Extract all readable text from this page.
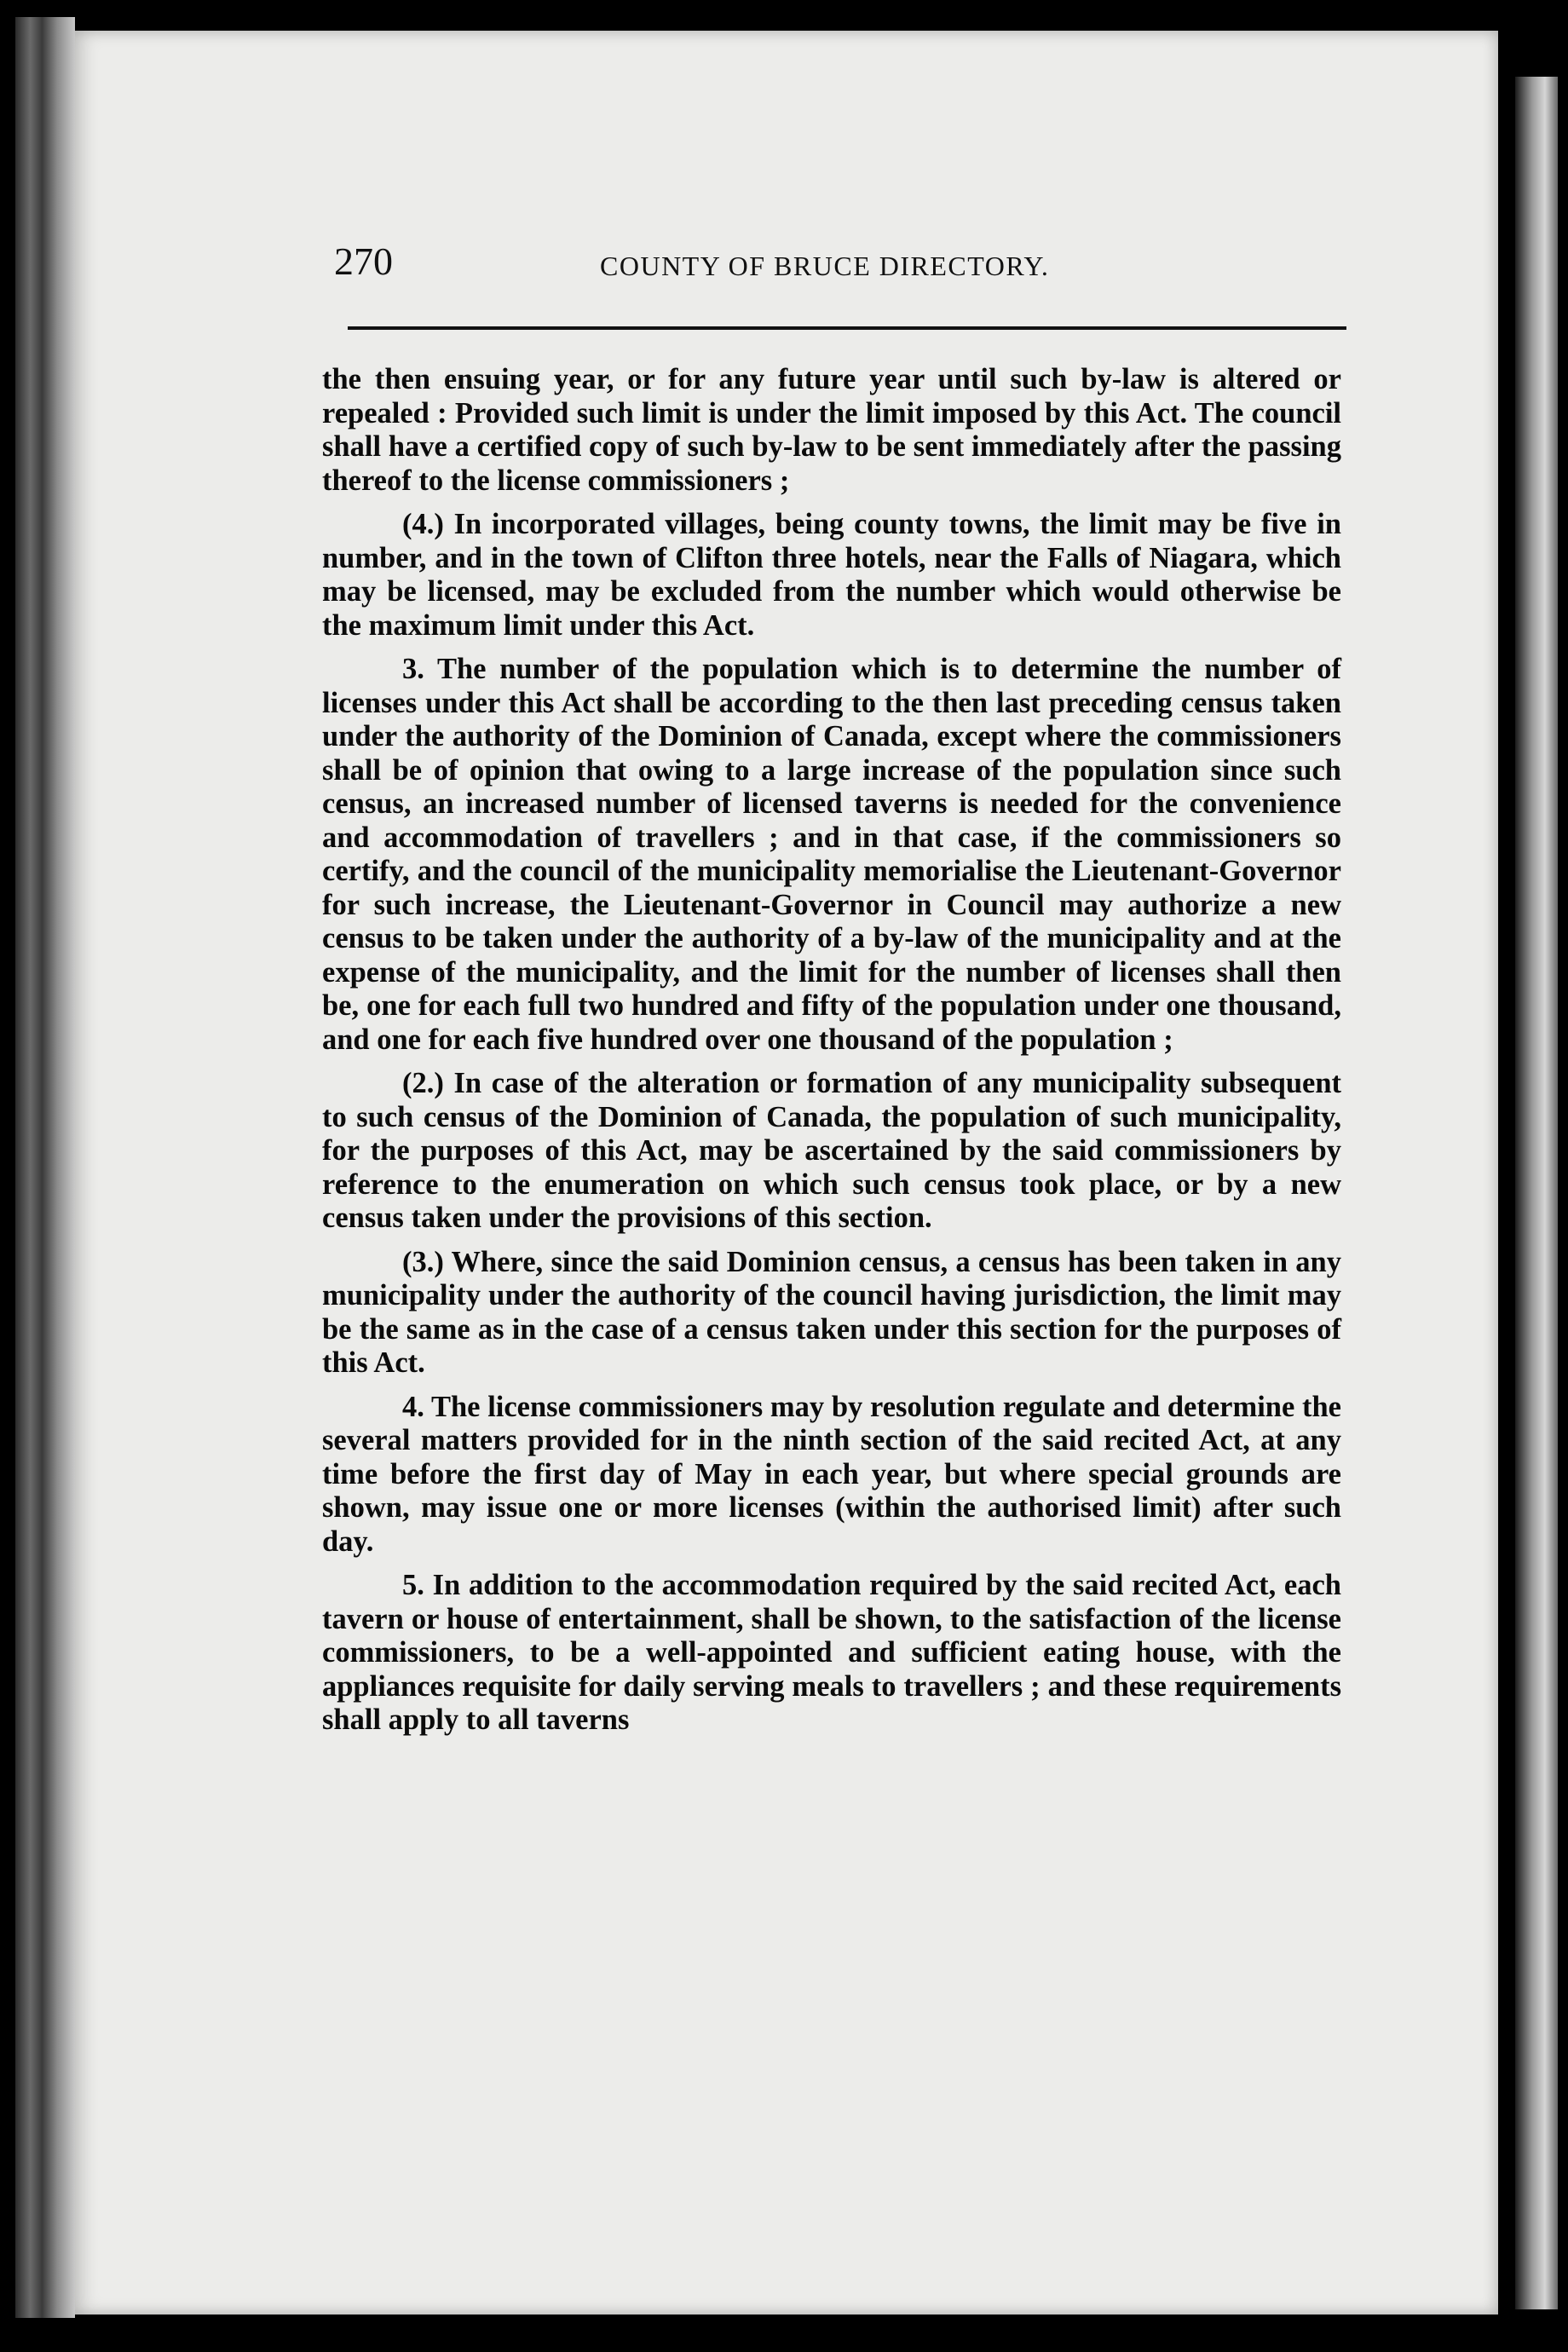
270	COUNTY OF BRUCE DIRECTORY.

the then ensuing year, or for any future year until such by-law is altered or repealed : Provided such limit is under the limit imposed by this Act. The council shall have a certified copy of such by-law to be sent immediately after the passing thereof to the license commissioners ;

(4.) In incorporated villages, being county towns, the limit may be five in number, and in the town of Clifton three hotels, near the Falls of Niagara, which may be licensed, may be excluded from the number which would otherwise be the maximum limit under this Act.

3. The number of the population which is to determine the number of licenses under this Act shall be according to the then last preceding census taken under the authority of the Dominion of Canada, except where the commissioners shall be of opinion that owing to a large increase of the population since such census, an increased number of licensed taverns is needed for the convenience and accommodation of travellers ; and in that case, if the commissioners so certify, and the council of the municipality memorialise the Lieutenant-Governor for such increase, the Lieutenant-Governor in Council may authorize a new census to be taken under the authority of a by-law of the municipality and at the expense of the municipality, and the limit for the number of licenses shall then be, one for each full two hundred and fifty of the population under one thousand, and one for each five hundred over one thousand of the population ;

(2.) In case of the alteration or formation of any municipality subsequent to such census of the Dominion of Canada, the population of such municipality, for the purposes of this Act, may be ascertained by the said commissioners by reference to the enumeration on which such census took place, or by a new census taken under the provisions of this section.

(3.) Where, since the said Dominion census, a census has been taken in any municipality under the authority of the council having jurisdiction, the limit may be the same as in the case of a census taken under this section for the purposes of this Act.

4. The license commissioners may by resolution regulate and determine the several matters provided for in the ninth section of the said recited Act, at any time before the first day of May in each year, but where special grounds are shown, may issue one or more licenses (within the authorised limit) after such day.

5. In addition to the accommodation required by the said recited Act, each tavern or house of entertainment, shall be shown, to the satisfaction of the license commissioners, to be a well-appointed and sufficient eating house, with the appliances requisite for daily serving meals to travellers ; and these requirements shall apply to all taverns
